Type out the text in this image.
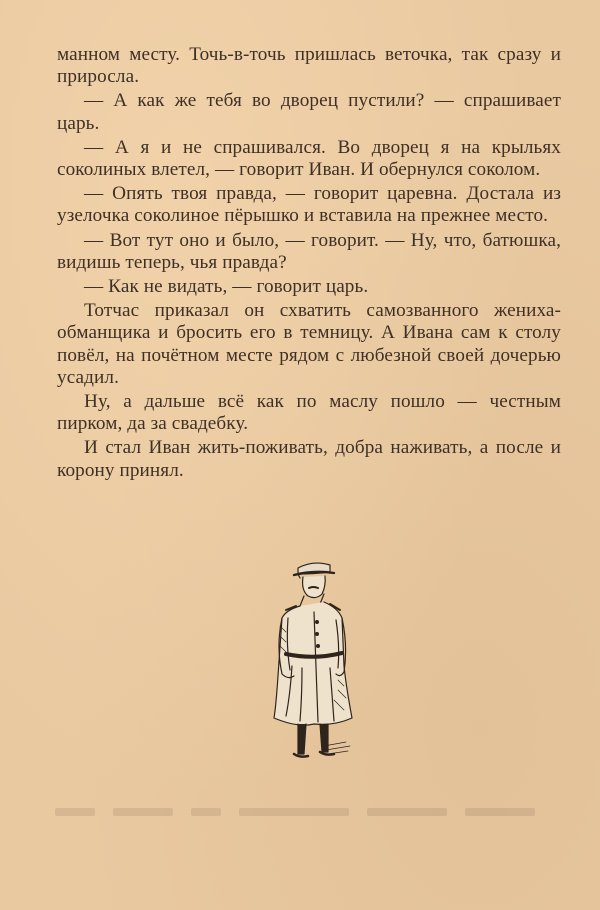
манном месту. Точь-в-точь пришлась веточка, так сразу и приросла.

— А как же тебя во дворец пустили? — спрашивает царь.

— А я и не спрашивался. Во дворец я на крыльях соколиных влетел, — говорит Иван. И обернулся соколом.

— Опять твоя правда, — говорит царевна. Достала из узелочка соколиное пёрышко и вставила на прежнее место.

— Вот тут оно и было, — говорит. — Ну, что, батюшка, видишь теперь, чья правда?

— Как не видать, — говорит царь.

Тотчас приказал он схватить самозванного жениха-обманщика и бросить его в темницу. А Ивана сам к столу повёл, на почётном месте рядом с любезной своей дочерью усадил.

Ну, а дальше всё как по маслу пошло — честным пирком, да за свадебку.

И стал Иван жить-поживать, добра наживать, а после и корону принял.
